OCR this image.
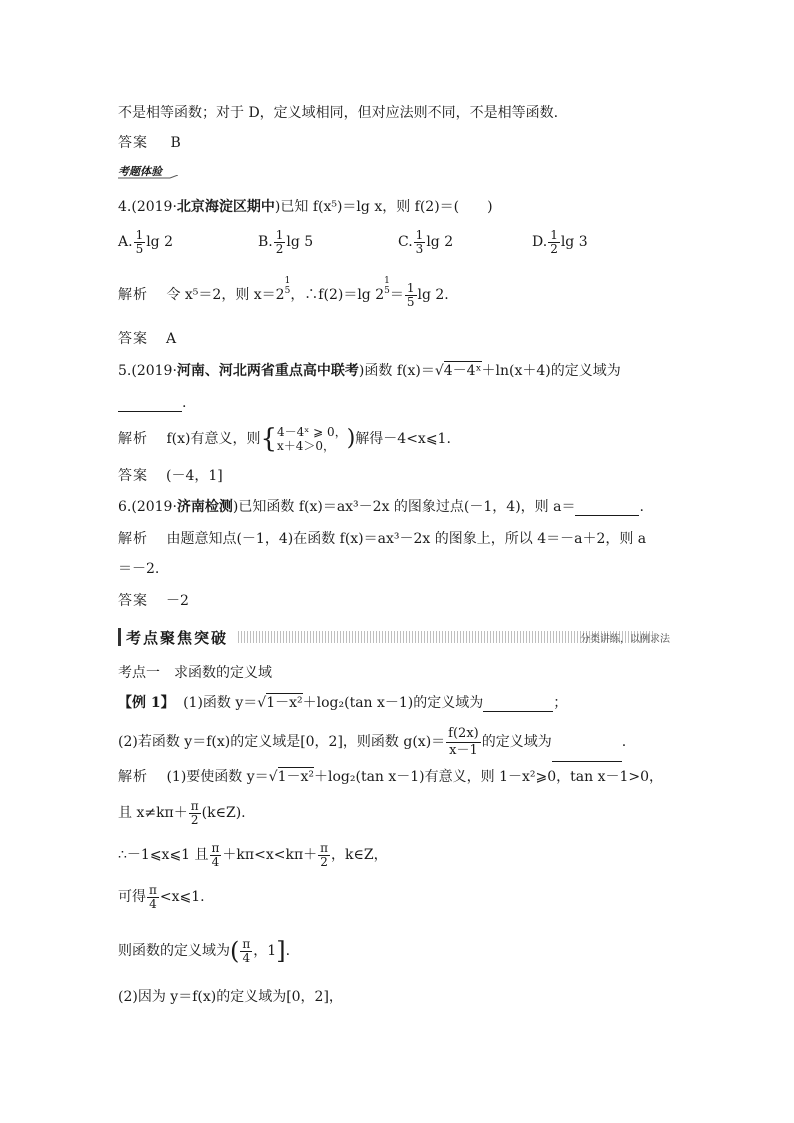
不是相等函数；对于 D，定义域相同，但对应法则不同，不是相等函数.
答案 B
考题体验
4.(2019·北京海淀区期中)已知 f(x⁵)＝lg x，则 f(2)＝( )
A. $\frac{1}{5}$ lg 2	B. $\frac{1}{2}$ lg 5	C. $\frac{1}{3}$ lg 2	D. $\frac{1}{2}$ lg 3
解析 令 x⁵＝2，则 x＝2
1
5 ，∴f(2)＝lg 2
1
$5 = \frac{1}{5}$ lg 2.
答案 A
5.(2019·河南、河北两省重点高中联考)函数 f(x)＝√4－4ˣ＋ln(x＋4)的定义域为
.
解析 f(x)有意义，则{ 4－4ˣ ⩾ 0，
x＋4＞0， )解得－4<x⩽1.
答案 (－4，1]
6.(2019·济南检测)已知函数 f(x)＝ax³－2x 的图象过点(－1，4)，则 a＝	.
解析 由题意知点(－1，4)在函数 f(x)＝ax³－2x 的图象上，所以 4＝－a＋2，则 a
＝－2.
答案 －2
考点聚焦突破	分类讲练，以例求法
考点一　求函数的定义域
【例 1】 (1)函数 y＝√1－x²＋log₂(tan x－1)的定义域为	；
(2)若函数 y＝f(x)的定义域是[0，2]，则函数 $g(x)= \frac{f(2x)}{x-1}$ 的定义域为	.
解析 (1)要使函数 y＝√1－x²＋log₂(tan x－1)有意义，则 1－x²⩾0，tan x－1>0，
且 $x\ne k\pi+ \frac{\pi}{2}$ (k∈Z).
∴－1⩽x⩽1 且 $\frac{\pi}{4} +k\pi<x<k\pi+ \frac{\pi}{2}$ ，k∈Z，
可得 $\frac{\pi}{4}$ <x⩽1.
则函数的定义域为( $\frac{\pi}{4}$ ，1].
(2)因为 y＝f(x)的定义域为[0，2]，
